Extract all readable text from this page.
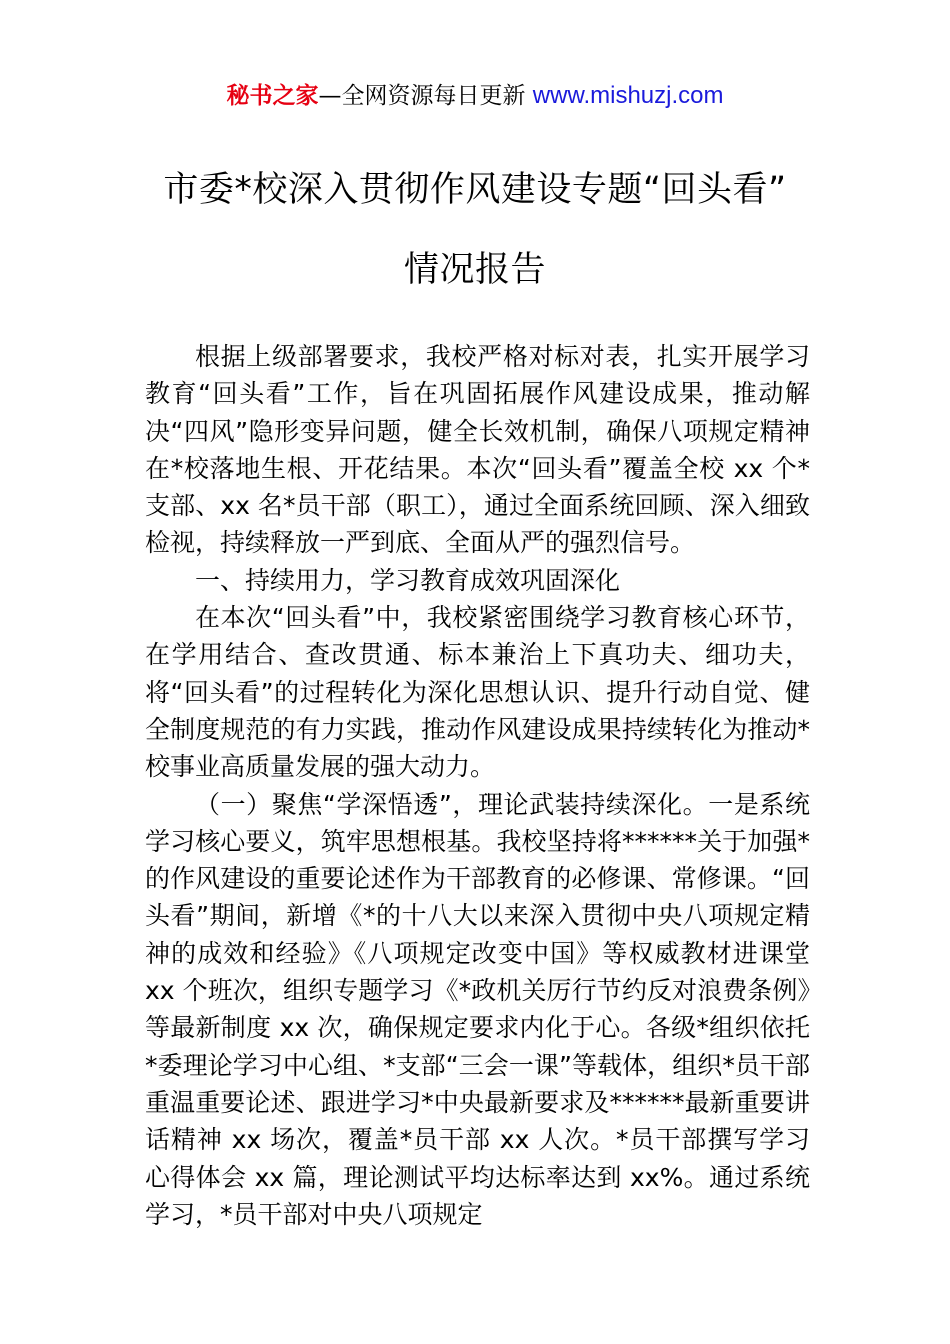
秘书之家—全网资源每日更新 www.mishuzj.com
市委*校深入贯彻作风建设专题“回头看”
情况报告

根据上级部署要求，我校严格对标对表，扎实开展学习教育“回头看”工作，旨在巩固拓展作风建设成果，推动解决“四风”隐形变异问题，健全长效机制，确保八项规定精神在*校落地生根、开花结果。本次“回头看”覆盖全校 xx 个*支部、xx 名*员干部（职工），通过全面系统回顾、深入细致检视，持续释放一严到底、全面从严的强烈信号。

一、持续用力，学习教育成效巩固深化

在本次“回头看”中，我校紧密围绕学习教育核心环节，在学用结合、查改贯通、标本兼治上下真功夫、细功夫，将“回头看”的过程转化为深化思想认识、提升行动自觉、健全制度规范的有力实践，推动作风建设成果持续转化为推动*校事业高质量发展的强大动力。

（一）聚焦“学深悟透”，理论武装持续深化。一是系统学习核心要义，筑牢思想根基。我校坚持将******关于加强*的作风建设的重要论述作为干部教育的必修课、常修课。“回头看”期间，新增《*的十八大以来深入贯彻中央八项规定精神的成效和经验》《八项规定改变中国》等权威教材进课堂 xx 个班次，组织专题学习《*政机关厉行节约反对浪费条例》等最新制度 xx 次，确保规定要求内化于心。各级*组织依托*委理论学习中心组、*支部“三会一课”等载体，组织*员干部重温重要论述、跟进学习*中央最新要求及******最新重要讲话精神 xx 场次，覆盖*员干部 xx 人次。*员干部撰写学习心得体会 xx 篇，理论测试平均达标率达到 xx%。通过系统学习，*员干部对中央八项规定
